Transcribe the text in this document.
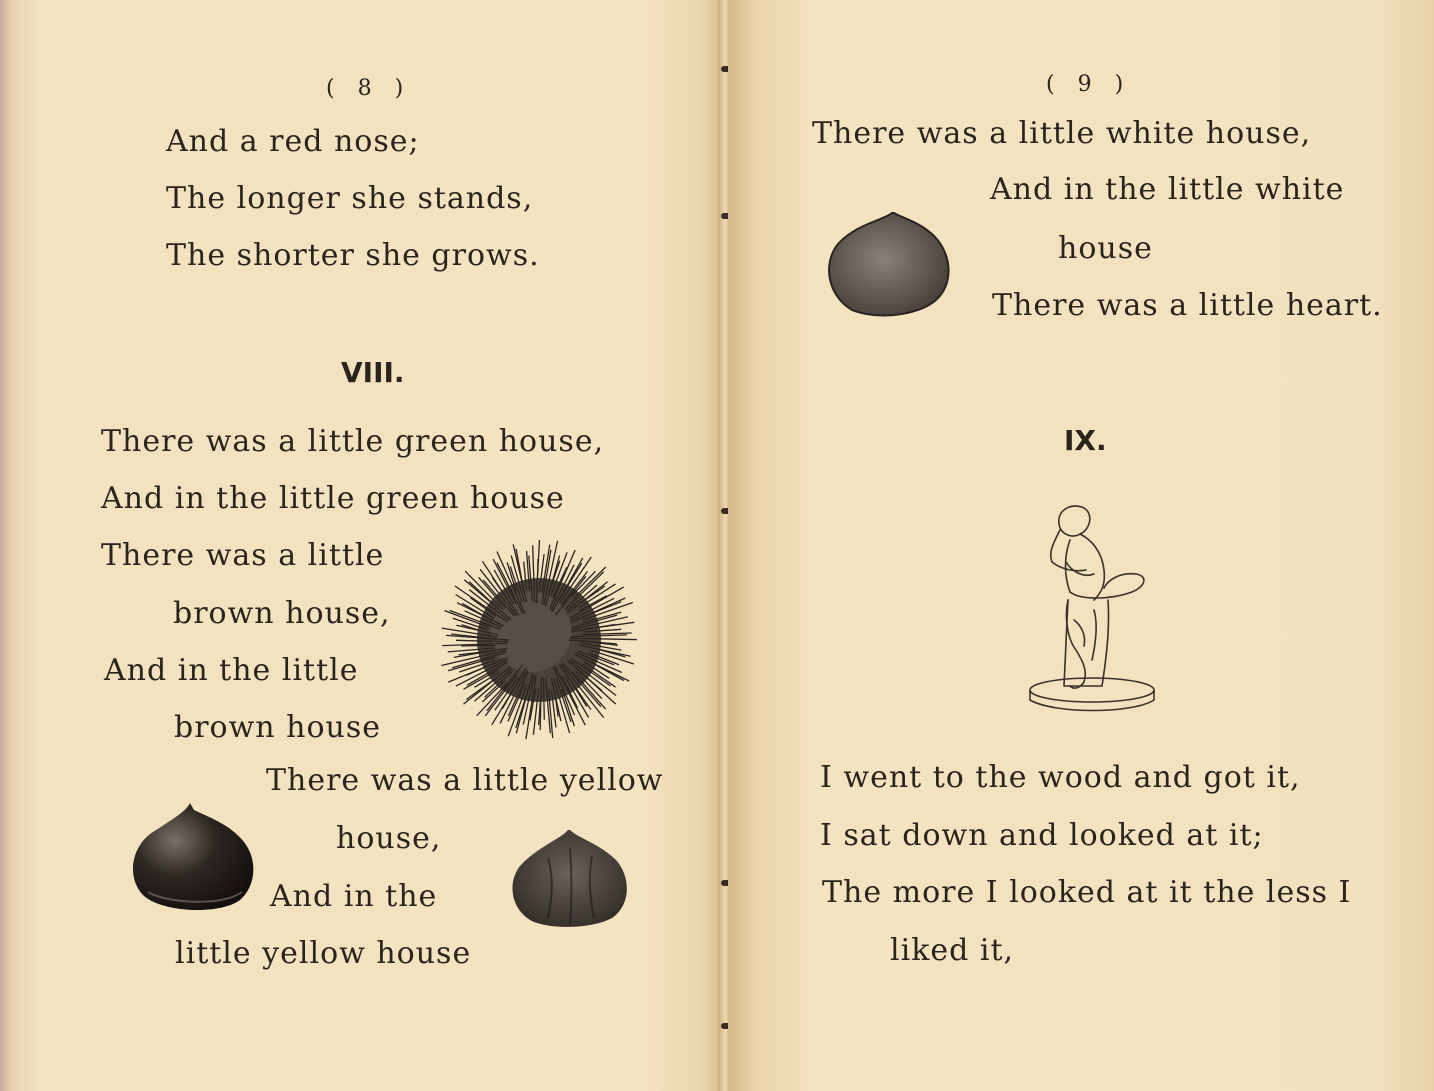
( 8 )
And a red nose;
The longer she stands,
The shorter she grows.
VIII.
There was a little green house,
And in the little green house
There was a little
brown house,
And in the little
brown house
There was a little yellow
house,
And in the
little yellow house
( 9 )
There was a little white house,
And in the little white
house
There was a little heart.
IX.
I went to the wood and got it,
I sat down and looked at it;
The more I looked at it the less I
liked it,
